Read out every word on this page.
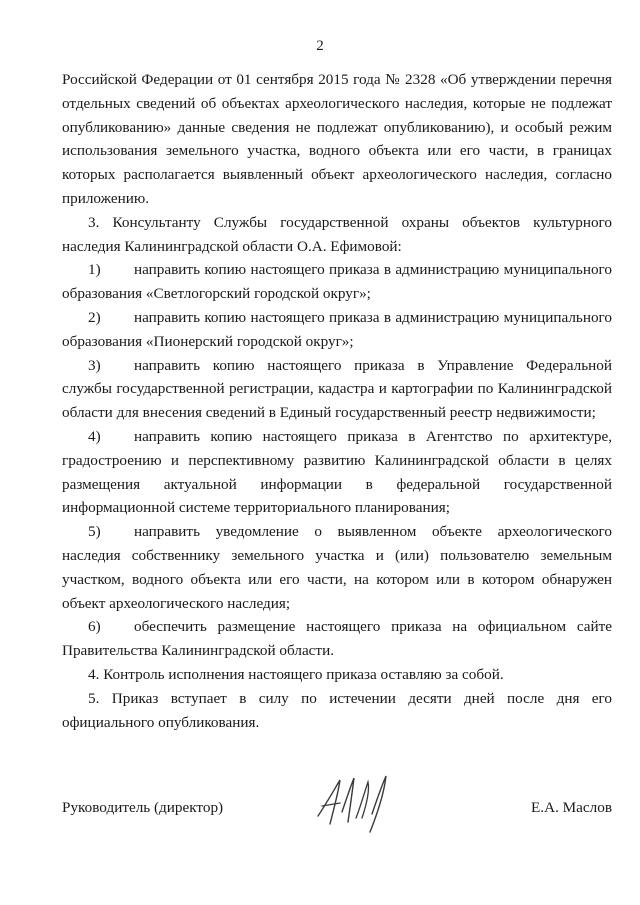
2

Российской Федерации от 01 сентября 2015 года № 2328 «Об утверждении перечня отдельных сведений об объектах археологического наследия, которые не подлежат опубликованию» данные сведения не подлежат опубликованию), и особый режим использования земельного участка, водного объекта или его части, в границах которых располагается выявленный объект археологического наследия, согласно приложению.

3. Консультанту Службы государственной охраны объектов культурного наследия Калининградской области О.А. Ефимовой:

1) направить копию настоящего приказа в администрацию муниципального образования «Светлогорский городской округ»;

2) направить копию настоящего приказа в администрацию муниципального образования «Пионерский городской округ»;

3) направить копию настоящего приказа в Управление Федеральной службы государственной регистрации, кадастра и картографии по Калининградской области для внесения сведений в Единый государственный реестр недвижимости;

4) направить копию настоящего приказа в Агентство по архитектуре, градостроению и перспективному развитию Калининградской области в целях размещения актуальной информации в федеральной государственной информационной системе территориального планирования;

5) направить уведомление о выявленном объекте археологического наследия собственнику земельного участка и (или) пользователю земельным участком, водного объекта или его части, на котором или в котором обнаружен объект археологического наследия;

6) обеспечить размещение настоящего приказа на официальном сайте Правительства Калининградской области.

4. Контроль исполнения настоящего приказа оставляю за собой.

5. Приказ вступает в силу по истечении десяти дней после дня его официального опубликования.

Руководитель (директор)	Е.А. Маслов
